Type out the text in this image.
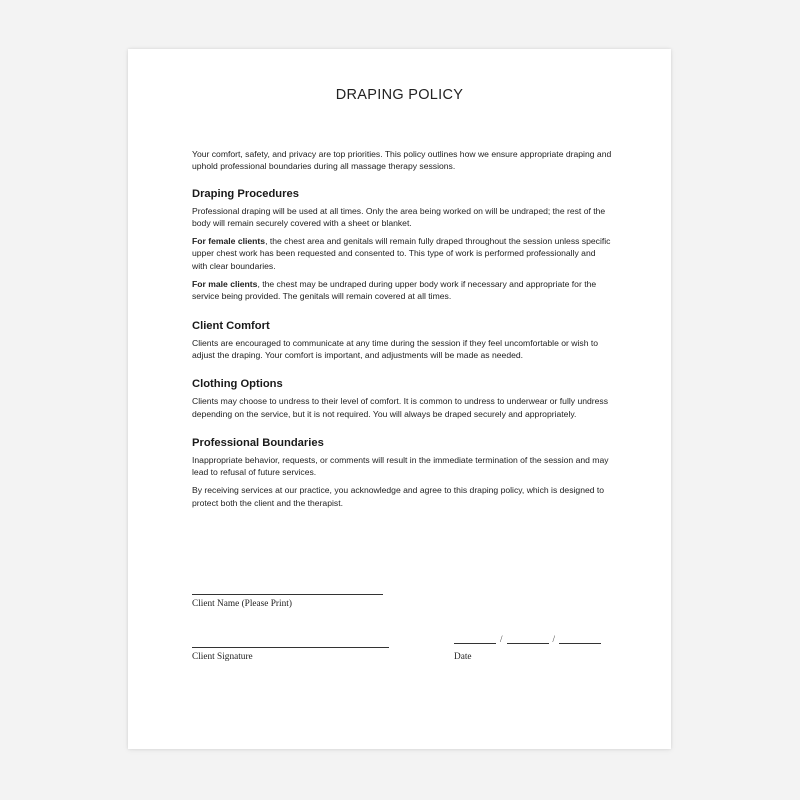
DRAPING POLICY

Your comfort, safety, and privacy are top priorities. This policy outlines how we ensure appropriate draping and uphold professional boundaries during all massage therapy sessions.

Draping Procedures

Professional draping will be used at all times. Only the area being worked on will be undraped; the rest of the body will remain securely covered with a sheet or blanket.

For female clients, the chest area and genitals will remain fully draped throughout the session unless specific upper chest work has been requested and consented to. This type of work is performed professionally and with clear boundaries.

For male clients, the chest may be undraped during upper body work if necessary and appropriate for the service being provided. The genitals will remain covered at all times.

Client Comfort

Clients are encouraged to communicate at any time during the session if they feel uncomfortable or wish to adjust the draping. Your comfort is important, and adjustments will be made as needed.

Clothing Options

Clients may choose to undress to their level of comfort. It is common to undress to underwear or fully undress depending on the service, but it is not required. You will always be draped securely and appropriately.

Professional Boundaries

Inappropriate behavior, requests, or comments will result in the immediate termination of the session and may lead to refusal of future services.

By receiving services at our practice, you acknowledge and agree to this draping policy, which is designed to protect both the client and the therapist.

Client Name (Please Print)
Client Signature
/	/
Date
